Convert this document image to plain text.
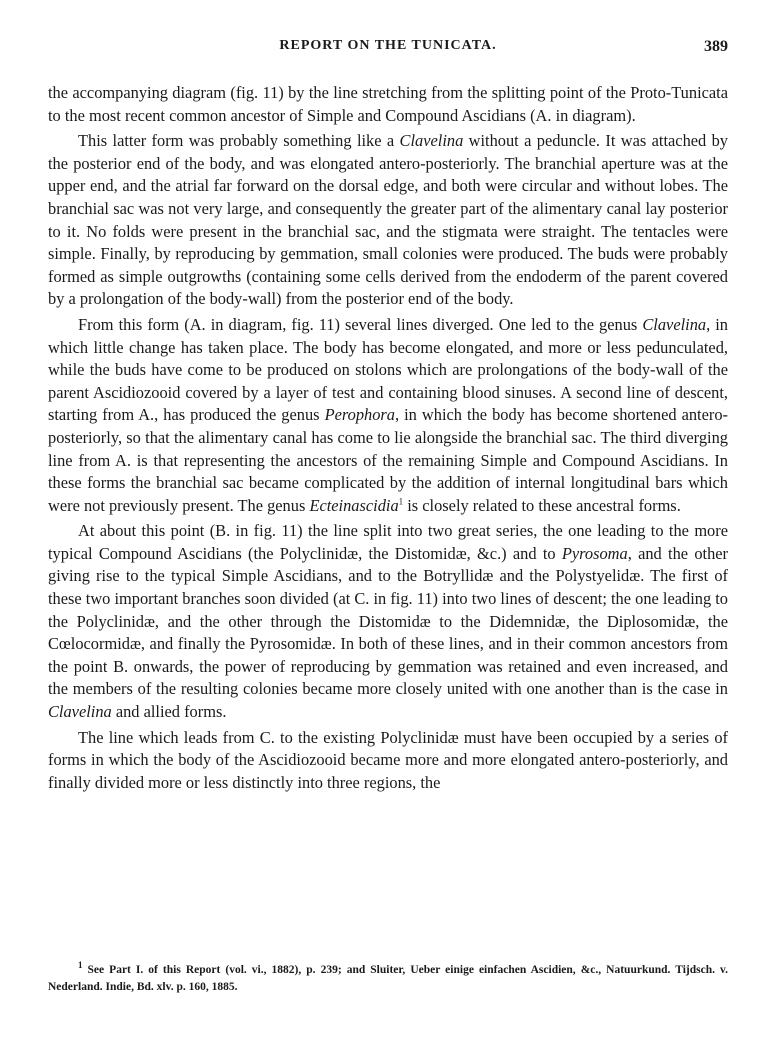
REPORT ON THE TUNICATA.	389

the accompanying diagram (fig. 11) by the line stretching from the splitting point of the Proto-Tunicata to the most recent common ancestor of Simple and Compound Ascidians (A. in diagram).

This latter form was probably something like a Clavelina without a peduncle. It was attached by the posterior end of the body, and was elongated antero-posteriorly. The branchial aperture was at the upper end, and the atrial far forward on the dorsal edge, and both were circular and without lobes. The branchial sac was not very large, and consequently the greater part of the alimentary canal lay posterior to it. No folds were present in the branchial sac, and the stigmata were straight. The tentacles were simple. Finally, by reproducing by gemmation, small colonies were produced. The buds were probably formed as simple outgrowths (containing some cells derived from the endoderm of the parent covered by a prolongation of the body-wall) from the posterior end of the body.

From this form (A. in diagram, fig. 11) several lines diverged. One led to the genus Clavelina, in which little change has taken place. The body has become elongated, and more or less pedunculated, while the buds have come to be produced on stolons which are prolongations of the body-wall of the parent Ascidiozooid covered by a layer of test and containing blood sinuses. A second line of descent, starting from A., has produced the genus Perophora, in which the body has become shortened antero-posteriorly, so that the alimentary canal has come to lie alongside the branchial sac. The third diverging line from A. is that representing the ancestors of the remaining Simple and Compound Ascidians. In these forms the branchial sac became complicated by the addition of internal longitudinal bars which were not previously present. The genus Ecteinascidia$^1$ is closely related to these ancestral forms.

At about this point (B. in fig. 11) the line split into two great series, the one leading to the more typical Compound Ascidians (the Polyclinidæ, the Distomidæ, &c.) and to Pyrosoma, and the other giving rise to the typical Simple Ascidians, and to the Botryllidæ and the Polystyelidæ. The first of these two important branches soon divided (at C. in fig. 11) into two lines of descent; the one leading to the Polyclinidæ, and the other through the Distomidæ to the Didemnidæ, the Diplosomidæ, the Cœlocormidæ, and finally the Pyrosomidæ. In both of these lines, and in their common ancestors from the point B. onwards, the power of reproducing by gemmation was retained and even increased, and the members of the resulting colonies became more closely united with one another than is the case in Clavelina and allied forms.

The line which leads from C. to the existing Polyclinidæ must have been occupied by a series of forms in which the body of the Ascidiozooid became more and more elongated antero-posteriorly, and finally divided more or less distinctly into three regions, the

$^1$ See Part I. of this Report (vol. vi., 1882), p. 239; and Sluiter, Ueber einige einfachen Ascidien, &c., Natuurkund. Tijdsch. v. Nederland. Indie, Bd. xlv. p. 160, 1885.
